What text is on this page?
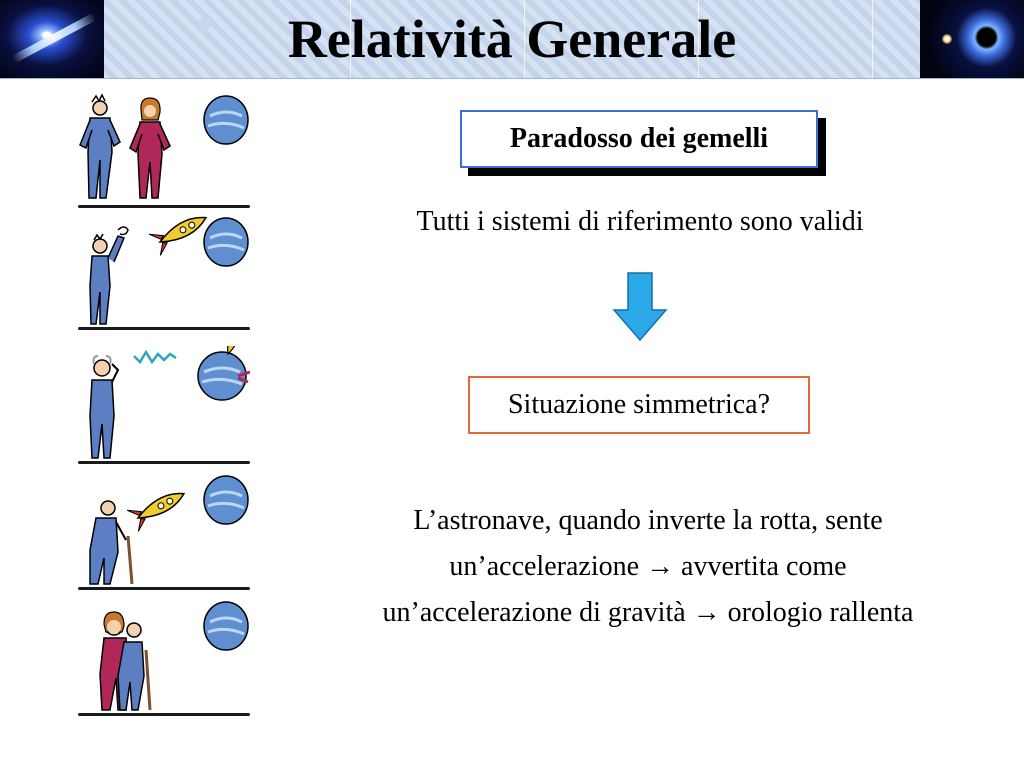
Relatività Generale
Paradosso dei gemelli
Tutti i sistemi di riferimento sono validi
Situazione simmetrica?
L’astronave, quando inverte la rotta, sente
un’accelerazione → avvertita come
un’accelerazione di gravità → orologio rallenta
